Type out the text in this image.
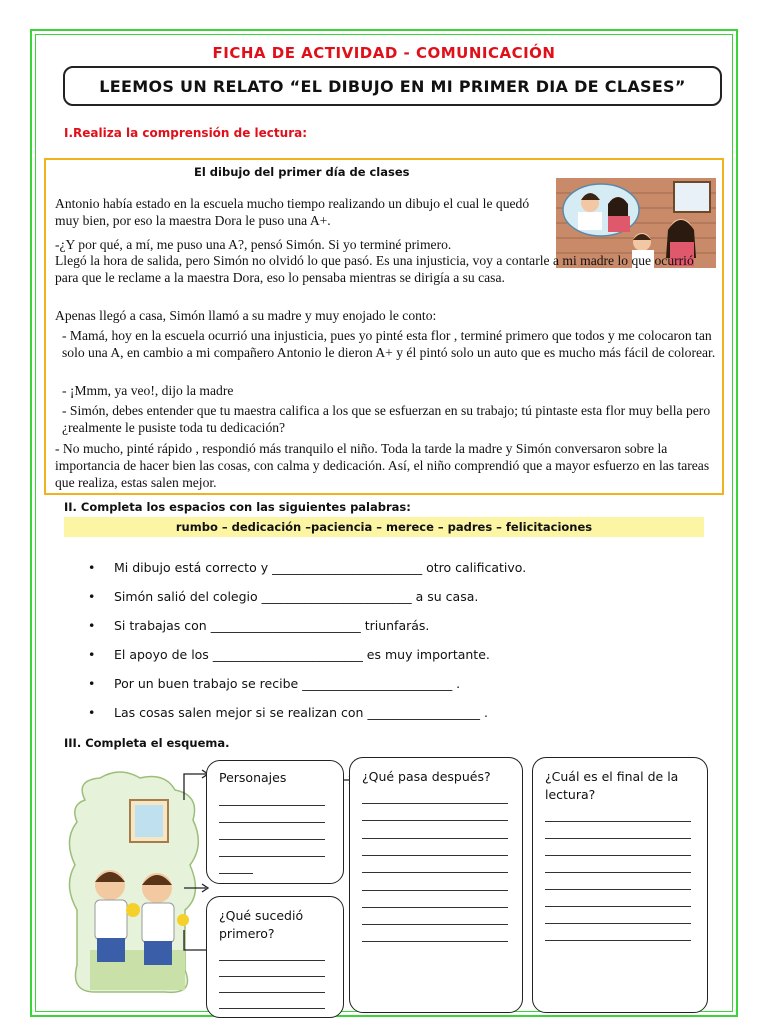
FICHA DE ACTIVIDAD - COMUNICACIÓN
LEEMOS UN RELATO “EL DIBUJO EN MI PRIMER DIA DE CLASES”
I.Realiza la comprensión de lectura:
El dibujo del primer día de clases
Antonio había estado en la escuela mucho tiempo realizando un dibujo el cual le quedó muy bien, por eso la maestra Dora le puso una A+.
-¿Y por qué, a mí, me puso una A?, pensó Simón. Si yo terminé primero.
Llegó la hora de salida, pero Simón no olvidó lo que pasó. Es una injusticia, voy a contarle a mi madre lo que ocurrió para que le reclame a la maestra Dora, eso lo pensaba mientras se dirigía a su casa.
Apenas llegó a casa, Simón llamó a su madre y muy enojado le conto:
- Mamá, hoy en la escuela ocurrió una injusticia, pues yo pinté esta flor , terminé primero que todos y me colocaron tan solo una A, en cambio a mi compañero Antonio le dieron A+ y él pintó solo un auto que es mucho más fácil de colorear.
- ¡Mmm, ya veo!, dijo la madre
- Simón, debes entender que tu maestra califica a los que se esfuerzan en su trabajo; tú pintaste esta flor muy bella pero ¿realmente le pusiste toda tu dedicación?
- No mucho, pinté rápido , respondió más tranquilo el niño. Toda la tarde la madre y Simón conversaron sobre la importancia de hacer bien las cosas, con calma y dedicación. Así, el niño comprendió que a mayor esfuerzo en las tareas que realiza, estas salen mejor.
II. Completa los espacios con las siguientes palabras:
rumbo – dedicación –paciencia – merece – padres – felicitaciones
• Mi dibujo está correcto y ________________________ otro calificativo.
• Simón salió del colegio ________________________ a su casa.
• Si trabajas con ________________________ triunfarás.
• El apoyo de los ________________________ es muy importante.
• Por un buen trabajo se recibe ________________________ .
• Las cosas salen mejor si se realizan con __________________ .
III. Completa el esquema.
Personajes
¿Qué sucedió primero?
¿Qué pasa después?	¿Cuál es el final de la lectura?
